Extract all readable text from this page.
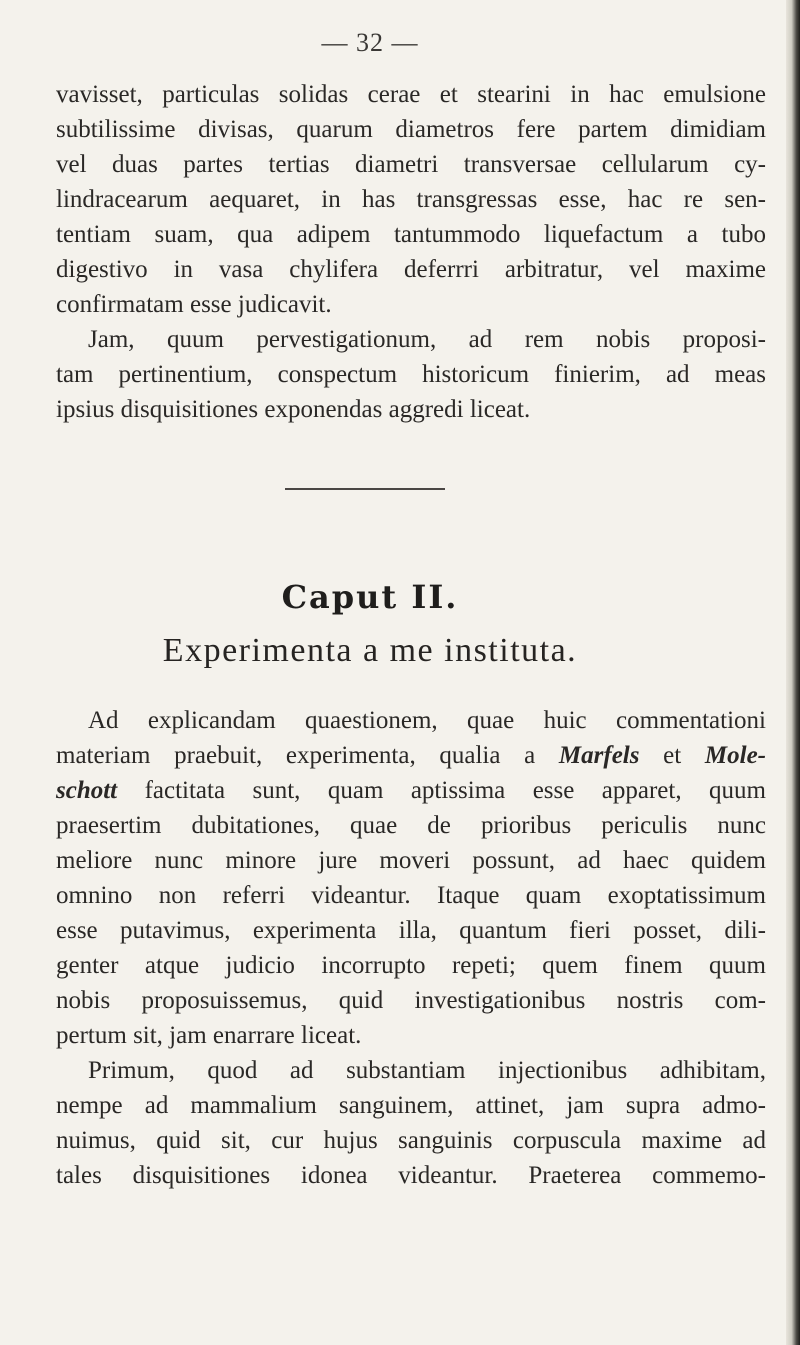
— 32 —
vavisset, particulas solidas cerae et stearini in hac emulsione
subtilissime divisas, quarum diametros fere partem dimidiam
vel duas partes tertias diametri transversae cellularum cy-
lindracearum aequaret, in has transgressas esse, hac re sen-
tentiam suam, qua adipem tantummodo liquefactum a tubo
digestivo in vasa chylifera deferrri arbitratur, vel maxime
confirmatam esse judicavit.
Jam, quum pervestigationum, ad rem nobis proposi-
tam pertinentium, conspectum historicum finierim, ad meas
ipsius disquisitiones exponendas aggredi liceat.
Caput II.
Experimenta a me instituta.
Ad explicandam quaestionem, quae huic commentationi
materiam praebuit, experimenta, qualia a Marfels et Mole-
schott factitata sunt, quam aptissima esse apparet, quum
praesertim dubitationes, quae de prioribus periculis nunc
meliore nunc minore jure moveri possunt, ad haec quidem
omnino non referri videantur. Itaque quam exoptatissimum
esse putavimus, experimenta illa, quantum fieri posset, dili-
genter atque judicio incorrupto repeti; quem finem quum
nobis proposuissemus, quid investigationibus nostris com-
pertum sit, jam enarrare liceat.
Primum, quod ad substantiam injectionibus adhibitam,
nempe ad mammalium sanguinem, attinet, jam supra admo-
nuimus, quid sit, cur hujus sanguinis corpuscula maxime ad
tales disquisitiones idonea videantur. Praeterea commemo-
